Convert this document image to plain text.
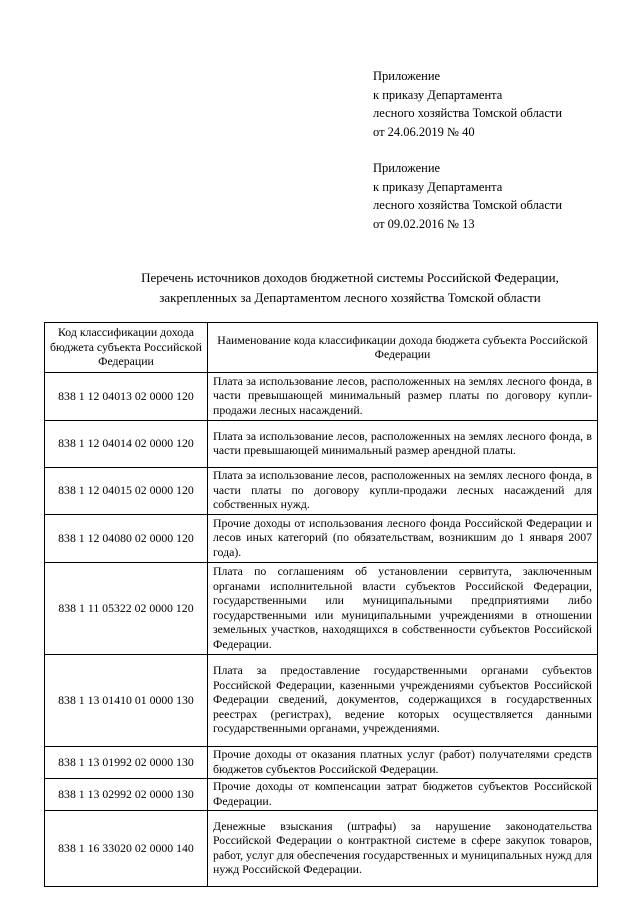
Приложение
к приказу Департамента
лесного хозяйства Томской области
от 24.06.2019 № 40
Приложение
к приказу Департамента
лесного хозяйства Томской области
от 09.02.2016 № 13
Перечень источников доходов бюджетной системы Российской Федерации,
закрепленных за Департаментом лесного хозяйства Томской области
Код классификации дохода бюджета субъекта Российской Федерации	Наименование кода классификации дохода бюджета субъекта Российской Федерации
838 1 12 04013 02 0000 120	Плата за использование лесов, расположенных на землях лесного фонда, в части превышающей минимальный размер платы по договору купли-продажи лесных насаждений.
838 1 12 04014 02 0000 120	Плата за использование лесов, расположенных на землях лесного фонда, в части превышающей минимальный размер арендной платы.
838 1 12 04015 02 0000 120	Плата за использование лесов, расположенных на землях лесного фонда, в части платы по договору купли-продажи лесных насаждений для собственных нужд.
838 1 12 04080 02 0000 120	Прочие доходы от использования лесного фонда Российской Федерации и лесов иных категорий (по обязательствам, возникшим до 1 января 2007 года).
838 1 11 05322 02 0000 120	Плата по соглашениям об установлении сервитута, заключенным органами исполнительной власти субъектов Российской Федерации, государственными или муниципальными предприятиями либо государственными или муниципальными учреждениями в отношении земельных участков, находящихся в собственности субъектов Российской Федерации.
838 1 13 01410 01 0000 130	Плата за предоставление государственными органами субъектов Российской Федерации, казенными учреждениями субъектов Российской Федерации сведений, документов, содержащихся в государственных реестрах (регистрах), ведение которых осуществляется данными государственными органами, учреждениями.
838 1 13 01992 02 0000 130	Прочие доходы от оказания платных услуг (работ) получателями средств бюджетов субъектов Российской Федерации.
838 1 13 02992 02 0000 130	Прочие доходы от компенсации затрат бюджетов субъектов Российской Федерации.
838 1 16 33020 02 0000 140	Денежные взыскания (штрафы) за нарушение законодательства Российской Федерации о контрактной системе в сфере закупок товаров, работ, услуг для обеспечения государственных и муниципальных нужд для нужд Российской Федерации.
